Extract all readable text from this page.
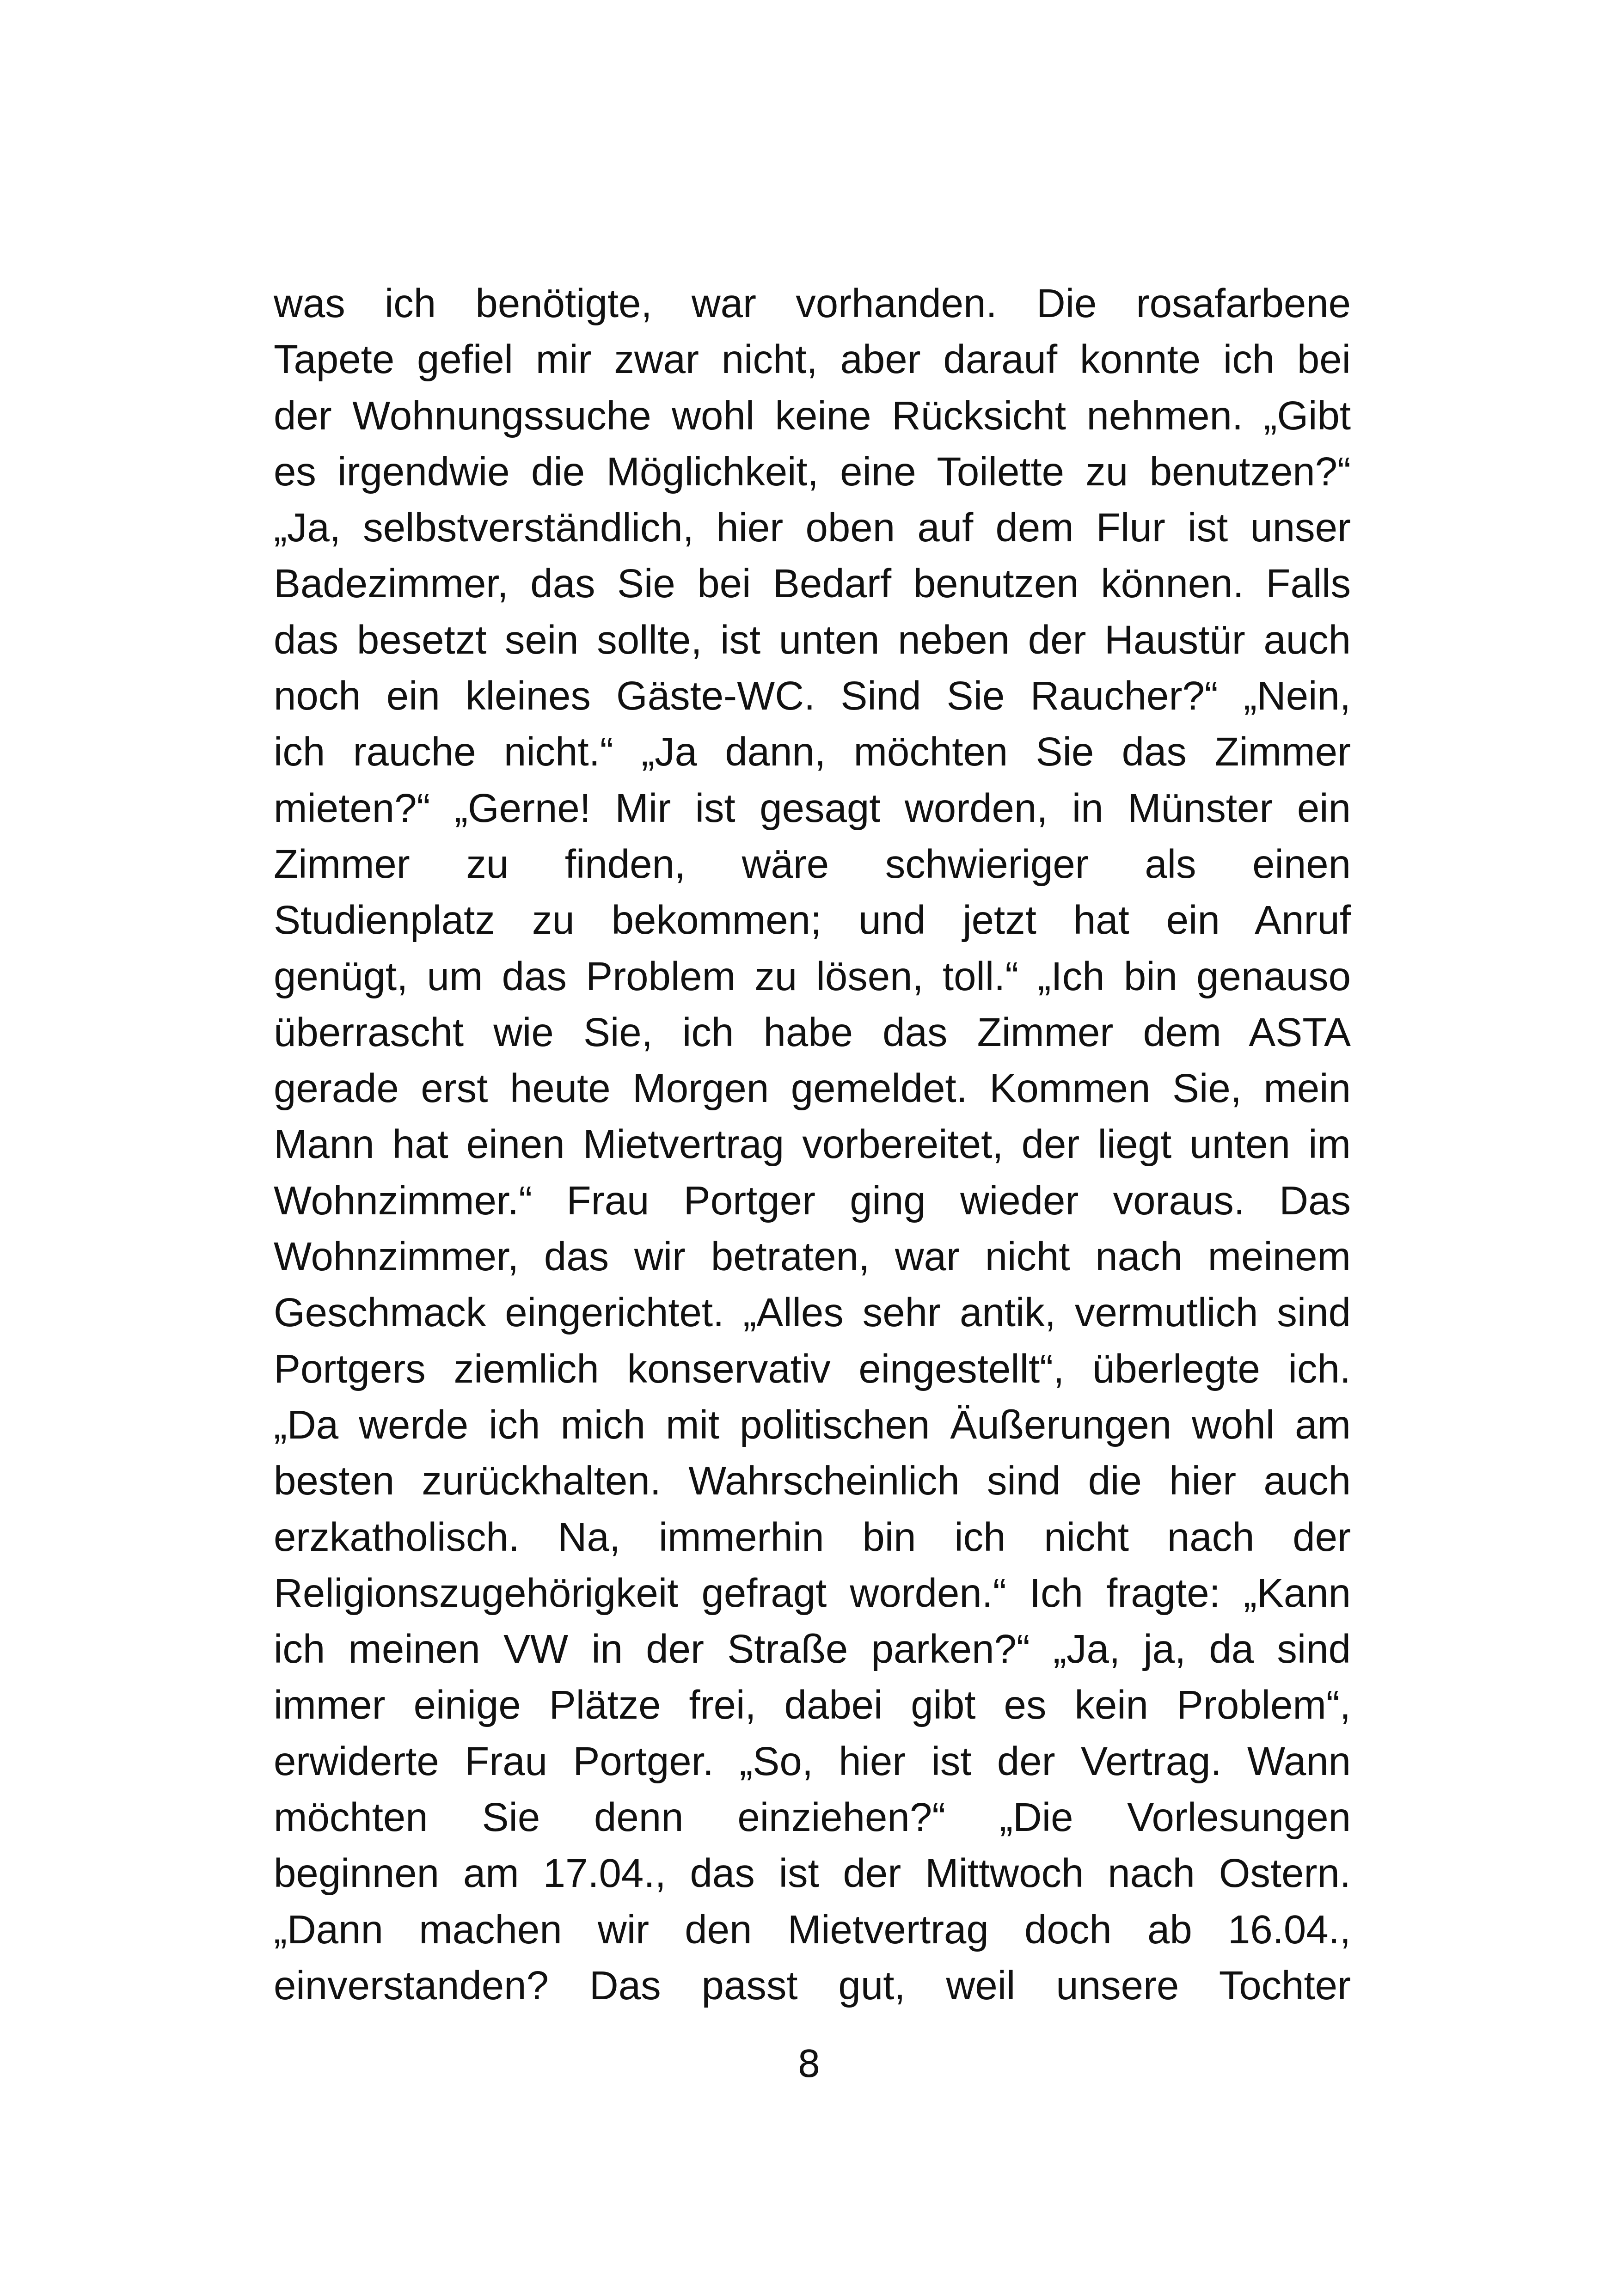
was ich benötigte, war vorhanden. Die rosafarbene
Tapete gefiel mir zwar nicht, aber darauf konnte ich bei
der Wohnungssuche wohl keine Rücksicht nehmen. „Gibt
es irgendwie die Möglichkeit, eine Toilette zu benutzen?“
„Ja, selbstverständlich, hier oben auf dem Flur ist unser
Badezimmer, das Sie bei Bedarf benutzen können. Falls
das besetzt sein sollte, ist unten neben der Haustür auch
noch ein kleines Gäste-WC. Sind Sie Raucher?“ „Nein,
ich rauche nicht.“ „Ja dann, möchten Sie das Zimmer
mieten?“ „Gerne! Mir ist gesagt worden, in Münster ein
Zimmer zu finden, wäre schwieriger als einen
Studienplatz zu bekommen; und jetzt hat ein Anruf
genügt, um das Problem zu lösen, toll.“ „Ich bin genauso
überrascht wie Sie, ich habe das Zimmer dem ASTA
gerade erst heute Morgen gemeldet. Kommen Sie, mein
Mann hat einen Mietvertrag vorbereitet, der liegt unten im
Wohnzimmer.“ Frau Portger ging wieder voraus. Das
Wohnzimmer, das wir betraten, war nicht nach meinem
Geschmack eingerichtet. „Alles sehr antik, vermutlich sind
Portgers ziemlich konservativ eingestellt“, überlegte ich.
„Da werde ich mich mit politischen Äußerungen wohl am
besten zurückhalten. Wahrscheinlich sind die hier auch
erzkatholisch. Na, immerhin bin ich nicht nach der
Religionszugehörigkeit gefragt worden.“ Ich fragte: „Kann
ich meinen VW in der Straße parken?“ „Ja, ja, da sind
immer einige Plätze frei, dabei gibt es kein Problem“,
erwiderte Frau Portger. „So, hier ist der Vertrag. Wann
möchten Sie denn einziehen?“ „Die Vorlesungen
beginnen am 17.04., das ist der Mittwoch nach Ostern.
„Dann machen wir den Mietvertrag doch ab 16.04.,
einverstanden? Das passt gut, weil unsere Tochter
8
